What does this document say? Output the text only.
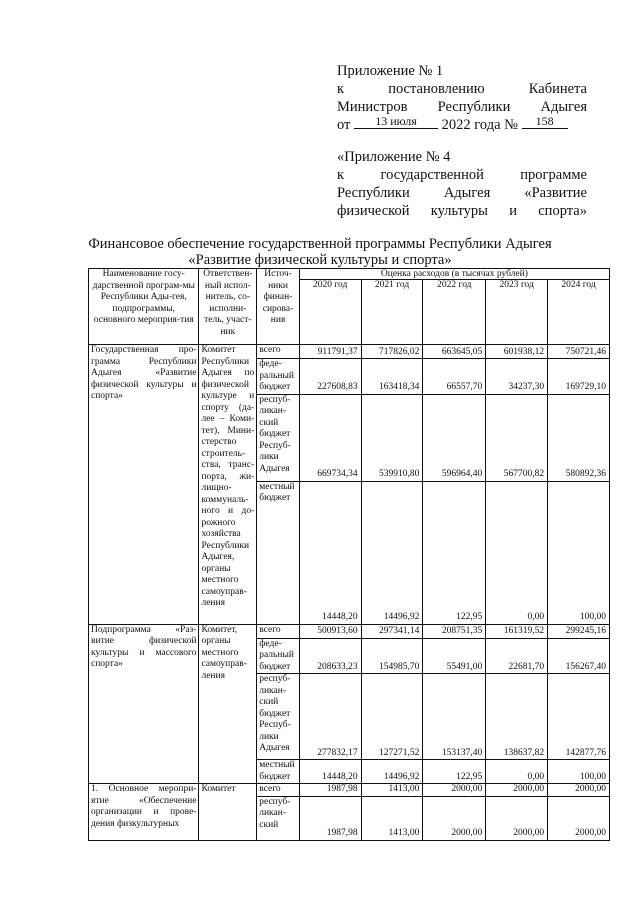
Приложение № 1
к	постановлению	Кабинета
Министров Республики Адыгея
от 13 июля 2022 года № 158
«Приложение № 4
к	государственной	программе
Республики Адыгея «Развитие
физической культуры и спорта»
Финансовое обеспечение государственной программы Республики Адыгея
«Развитие физической культуры и спорта»
Наименование госу-дарственной програм-мы Республики Ады-гея, подпрограммы, основного мероприя-тия	Ответствен-ный испол-нитель, со-исполни-тель, участ-ник	Источ-ники финан-сирова-ния	Оценка расходов (в тысячах рублей)				
			2020 год	2021 год	2022 год	2023 год	2024 год
Государственная про-грамма Республики Адыгея «Развитие физической культуры и спорта»	Комитет Республики Адыгея по физической культуре и спорту (да-лее – Коми-тет), Мини-стерство строитель-ства, транс-порта, жи-лищно-коммуналь-ного и до-рожного хозяйства Республики Адыгея, органы местного самоуправ-ления	всего	911791,37	717826,02	663645,05	601938,12	750721,46
		феде-ральный бюджет	227608,83	163418,34	66557,70	34237,30	169729,10
		респуб-ликан-ский бюджет Респуб-лики Адыгея	669734,34	539910,80	596964,40	567700,82	580892,36
		местный бюджет	14448,20	14496,92	122,95	0,00	100,00
Подпрограмма «Раз-витие физической культуры и массового спорта»	Комитет, органы местного самоуправ-ления	всего	500913,60	297341,14	208751,35	161319,52	299245,16
		феде-ральный бюджет	208633,23	154985,70	55491,00	22681,70	156267,40
		респуб-ликан-ский бюджет Респуб-лики Адыгея	277832,17	127271,52	153137,40	138637,82	142877,76
		местный бюджет	14448,20	14496,92	122,95	0,00	100,00
1. Основное меропри-ятие «Обеспечение организации и прове-дения физкультурных	Комитет	всего	1987,98	1413,00	2000,00	2000,00	2000,00
		респуб-ликан-ский	1987,98	1413,00	2000,00	2000,00	2000,00
